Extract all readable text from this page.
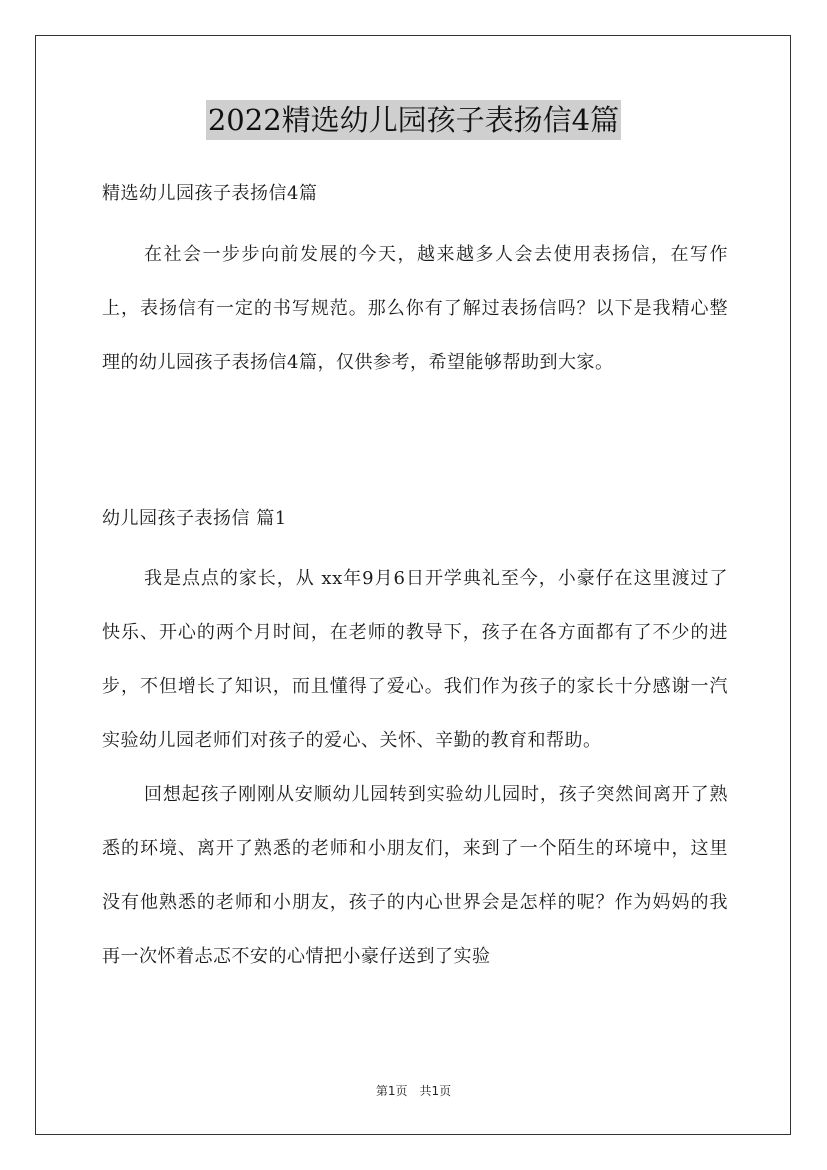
2022精选幼儿园孩子表扬信4篇
精选幼儿园孩子表扬信4篇
在社会一步步向前发展的今天，越来越多人会去使用表扬信，在写作上，表扬信有一定的书写规范。那么你有了解过表扬信吗？以下是我精心整理的幼儿园孩子表扬信4篇，仅供参考，希望能够帮助到大家。
幼儿园孩子表扬信 篇1

我是点点的家长，从 xx年9月6日开学典礼至今，小豪仔在这里渡过了快乐、开心的两个月时间，在老师的教导下，孩子在各方面都有了不少的进步，不但增长了知识，而且懂得了爱心。我们作为孩子的家长十分感谢一汽实验幼儿园老师们对孩子的爱心、关怀、辛勤的教育和帮助。

回想起孩子刚刚从安顺幼儿园转到实验幼儿园时，孩子突然间离开了熟悉的环境、离开了熟悉的老师和小朋友们，来到了一个陌生的环境中，这里没有他熟悉的老师和小朋友，孩子的内心世界会是怎样的呢？作为妈妈的我再一次怀着忐忑不安的心情把小豪仔送到了实验

第1页　共1页
